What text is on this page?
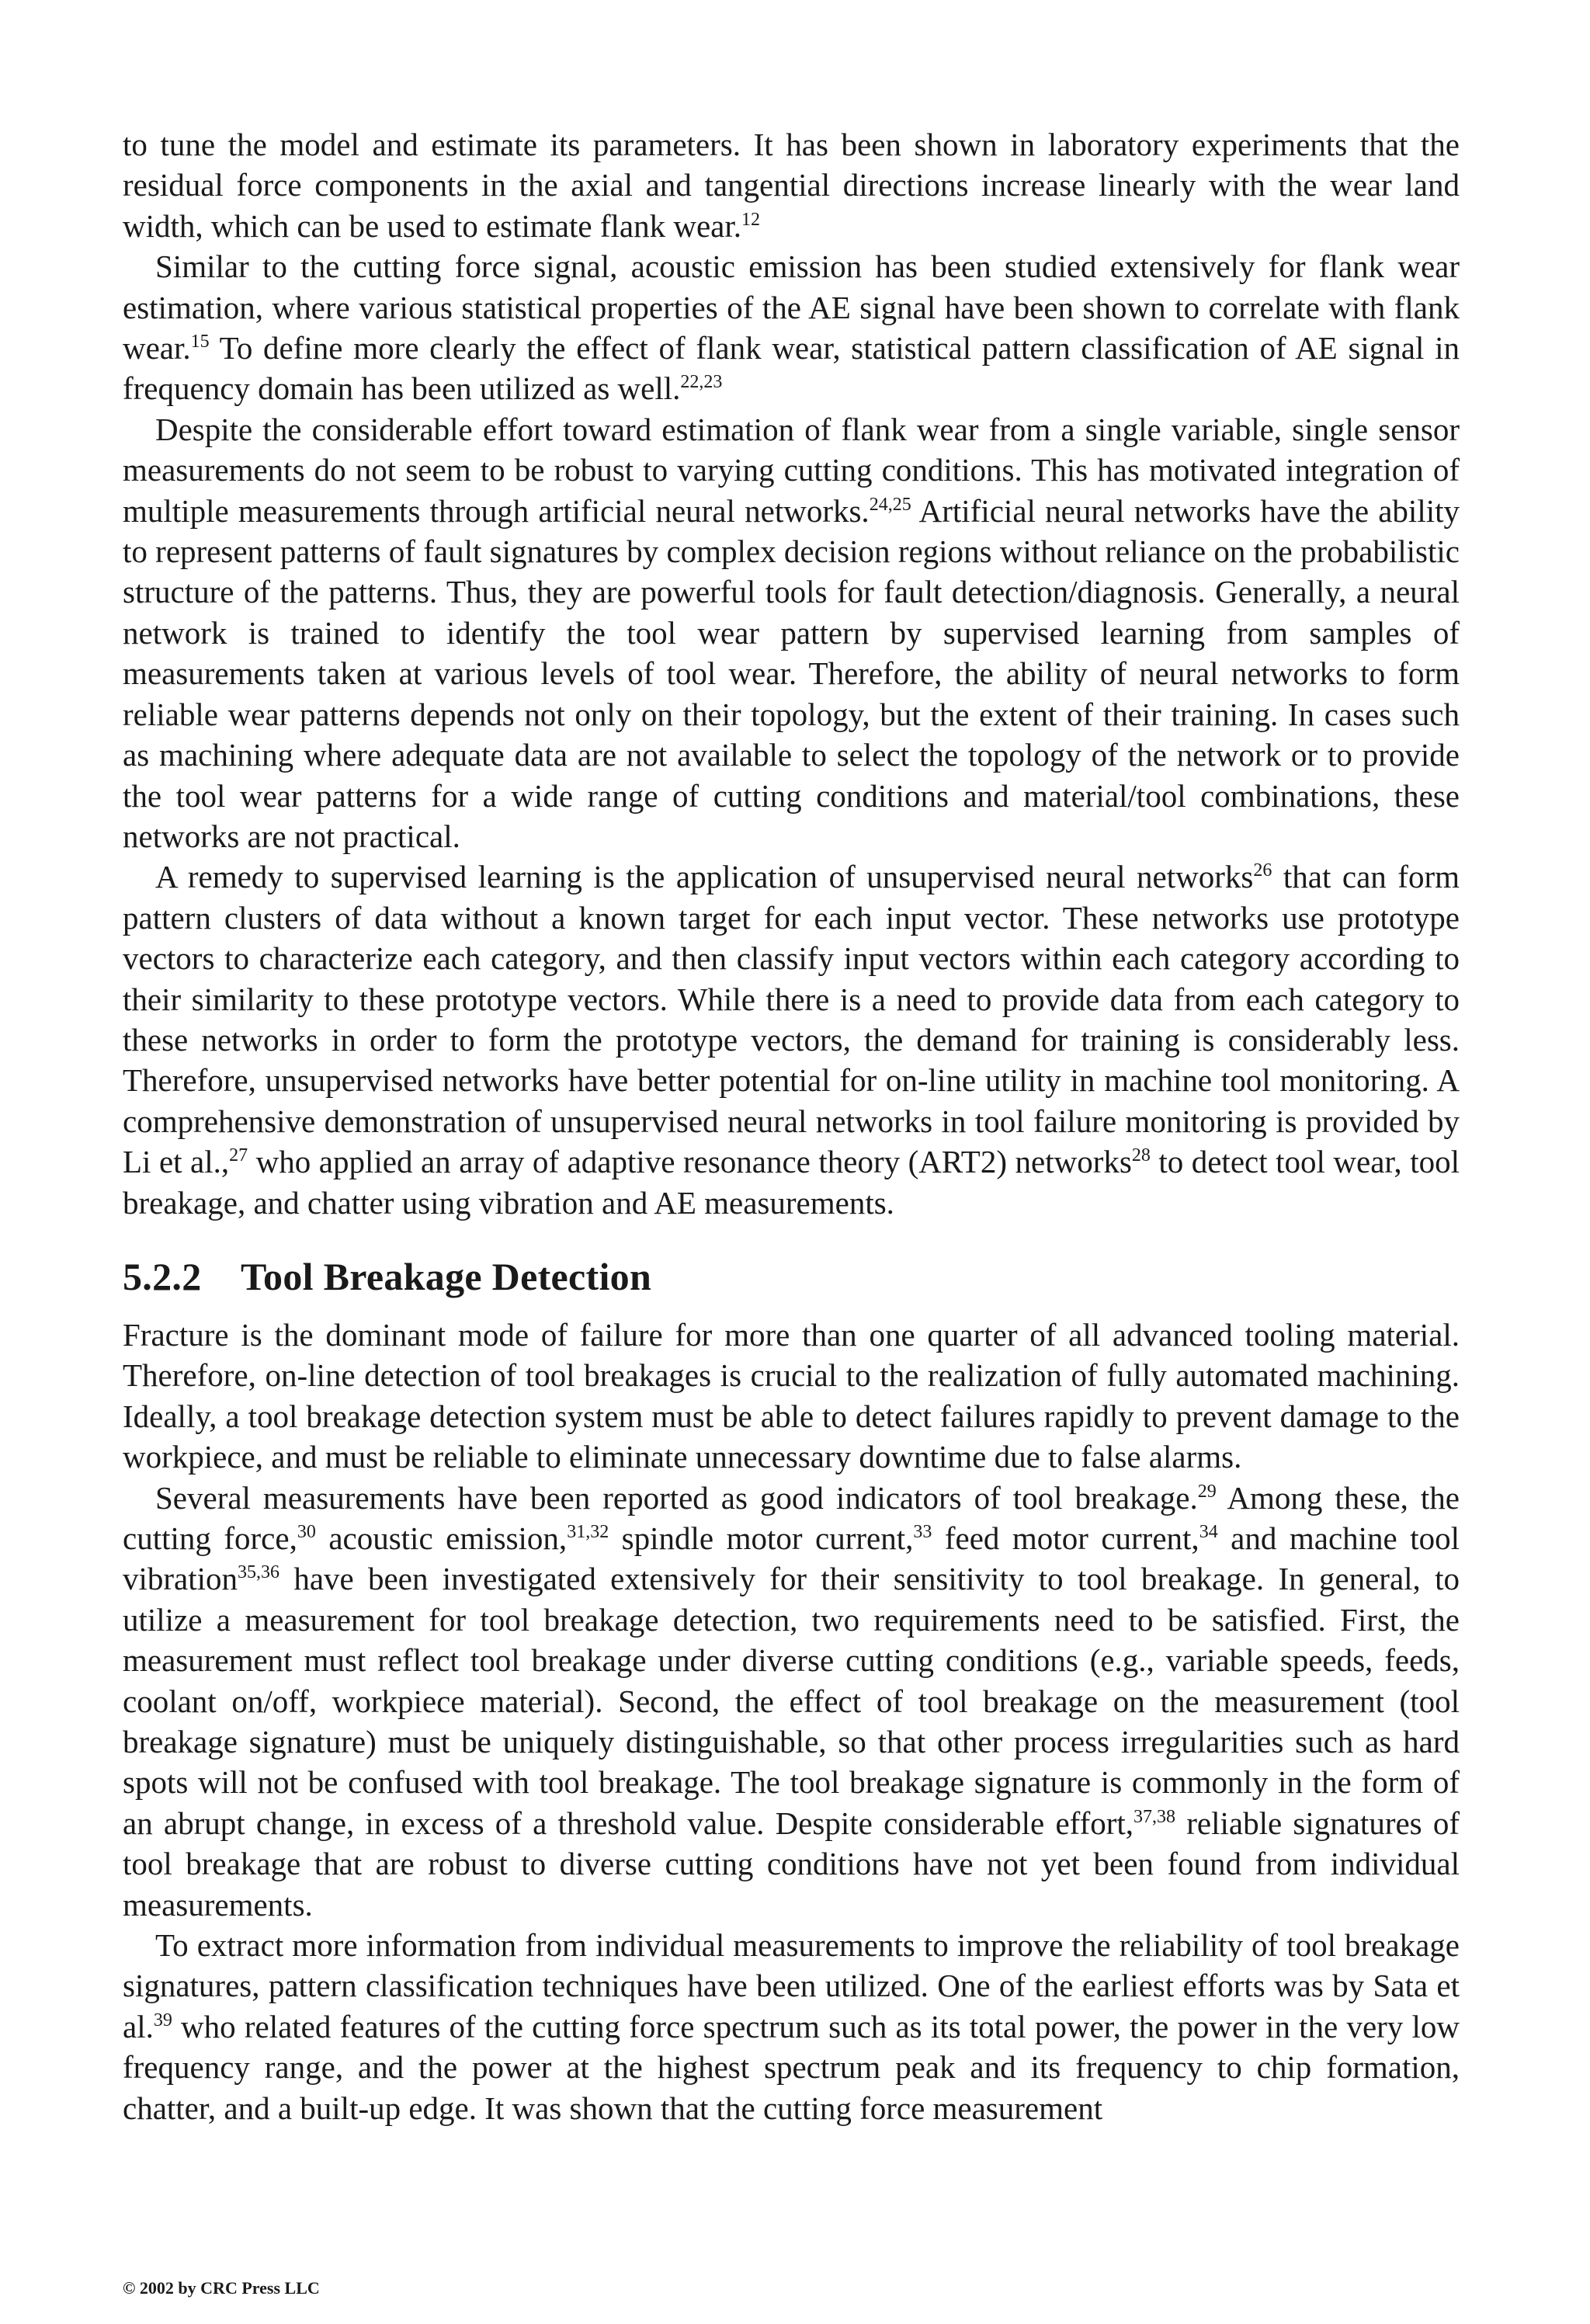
to tune the model and estimate its parameters. It has been shown in laboratory experiments that the residual force components in the axial and tangential directions increase linearly with the wear land width, which can be used to estimate flank wear.$^{12}$

Similar to the cutting force signal, acoustic emission has been studied extensively for flank wear estimation, where various statistical properties of the AE signal have been shown to correlate with flank wear.$^{15}$ To define more clearly the effect of flank wear, statistical pattern classification of AE signal in frequency domain has been utilized as well.$^{22,23}$

Despite the considerable effort toward estimation of flank wear from a single variable, single sensor measurements do not seem to be robust to varying cutting conditions. This has motivated integration of multiple measurements through artificial neural networks.$^{24,25}$ Artificial neural networks have the ability to represent patterns of fault signatures by complex decision regions without reliance on the probabilistic structure of the patterns. Thus, they are powerful tools for fault detection/diagnosis. Generally, a neural network is trained to identify the tool wear pattern by supervised learning from samples of measurements taken at various levels of tool wear. Therefore, the ability of neural networks to form reliable wear patterns depends not only on their topology, but the extent of their training. In cases such as machining where adequate data are not available to select the topology of the network or to provide the tool wear patterns for a wide range of cutting conditions and material/tool combinations, these networks are not practical.

A remedy to supervised learning is the application of unsupervised neural networks$^{26}$ that can form pattern clusters of data without a known target for each input vector. These networks use prototype vectors to characterize each category, and then classify input vectors within each category according to their similarity to these prototype vectors. While there is a need to provide data from each category to these networks in order to form the prototype vectors, the demand for training is considerably less. Therefore, unsupervised networks have better potential for on-line utility in machine tool monitoring. A comprehensive demonstration of unsupervised neural networks in tool failure monitoring is provided by Li et al.,$^{27}$ who applied an array of adaptive resonance theory (ART2) networks$^{28}$ to detect tool wear, tool breakage, and chatter using vibration and AE measurements.

5.2.2 Tool Breakage Detection

Fracture is the dominant mode of failure for more than one quarter of all advanced tooling material. Therefore, on-line detection of tool breakages is crucial to the realization of fully automated machining. Ideally, a tool breakage detection system must be able to detect failures rapidly to prevent damage to the workpiece, and must be reliable to eliminate unnecessary downtime due to false alarms.

Several measurements have been reported as good indicators of tool breakage.$^{29}$ Among these, the cutting force,$^{30}$ acoustic emission,$^{31,32}$ spindle motor current,$^{33}$ feed motor current,$^{34}$ and machine tool vibration$^{35,36}$ have been investigated extensively for their sensitivity to tool breakage. In general, to utilize a measurement for tool breakage detection, two requirements need to be satisfied. First, the measurement must reflect tool breakage under diverse cutting conditions (e.g., variable speeds, feeds, coolant on/off, workpiece material). Second, the effect of tool breakage on the measurement (tool breakage signature) must be uniquely distinguishable, so that other process irregularities such as hard spots will not be confused with tool breakage. The tool breakage signature is commonly in the form of an abrupt change, in excess of a threshold value. Despite considerable effort,$^{37,38}$ reliable signatures of tool breakage that are robust to diverse cutting conditions have not yet been found from individual measurements.

To extract more information from individual measurements to improve the reliability of tool breakage signatures, pattern classification techniques have been utilized. One of the earliest efforts was by Sata et al.$^{39}$ who related features of the cutting force spectrum such as its total power, the power in the very low frequency range, and the power at the highest spectrum peak and its frequency to chip formation, chatter, and a built-up edge. It was shown that the cutting force measurement

© 2002 by CRC Press LLC
